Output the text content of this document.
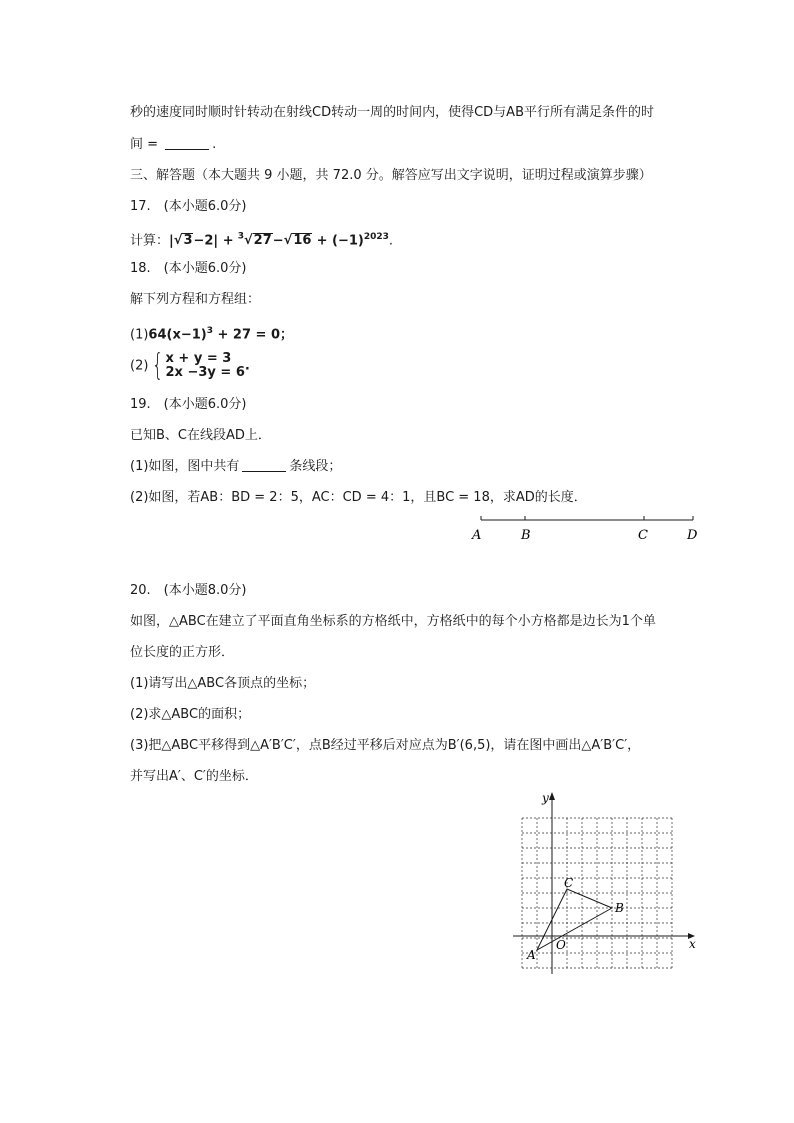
秒的速度同时顺时针转动在射线CD转动一周的时间内，使得CD与AB平行所有满足条件的时
间 =	.
三、解答题（本大题共 9 小题，共 72.0 分。解答应写出文字说明，证明过程或演算步骤）
17.　(本小题6.0分)
计算：$|√3-2| + ^3√27-√16 + (-1)^{2023}$.
18.　(本小题6.0分)
解下列方程和方程组：
$(1)64(x-1)^3 + 27 = 0$；
(2) { x + y = 3
2x −3y = 6.
19.　(本小题6.0分)
已知B、C在线段AD上．
(1)如图，图中共有	条线段；
(2)如图，若AB：BD = 2：5，AC：CD = 4：1，且BC = 18，求AD的长度．
A	B	C	D
20.　(本小题8.0分)
如图，△ABC在建立了平面直角坐标系的方格纸中，方格纸中的每个小方格都是边长为1个单
位长度的正方形．
(1)请写出△ABC各顶点的坐标；
(2)求△ABC的面积；
(3)把△ABC平移得到△A′B′C′，点B经过平移后对应点为B′(6,5)，请在图中画出△A′B′C′，
并写出A′、C′的坐标．
x
y
O
A
B
C
